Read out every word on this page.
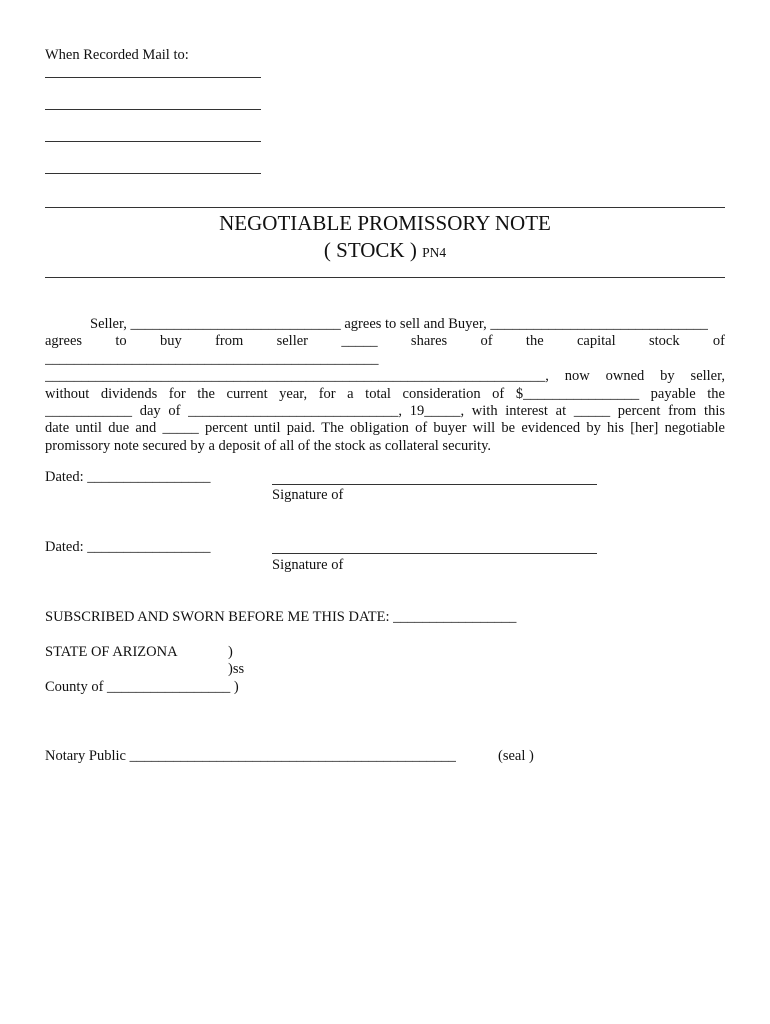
When Recorded Mail to:
NEGOTIABLE PROMISSORY NOTE
( STOCK ) PN4
Seller, _____________________________ agrees to sell and Buyer, ______________________________
agrees to buy from seller _____ shares of the capital stock of
______________________________________________
_____________________________________________________________________, now owned by seller,
without dividends for the current year, for a total consideration of $________________ payable the
____________ day of _____________________________, 19_____, with interest at _____ percent from this
date until due and _____ percent until paid. The obligation of buyer will be evidenced by his [her] negotiable
promissory note secured by a deposit of all of the stock as collateral security.
Dated: _________________
Signature of
Dated: _________________
Signature of
SUBSCRIBED AND SWORN BEFORE ME THIS DATE: _________________
STATE OF ARIZONA	)
)ss
County of _________________ )
Notary Public _____________________________________________	(seal )
